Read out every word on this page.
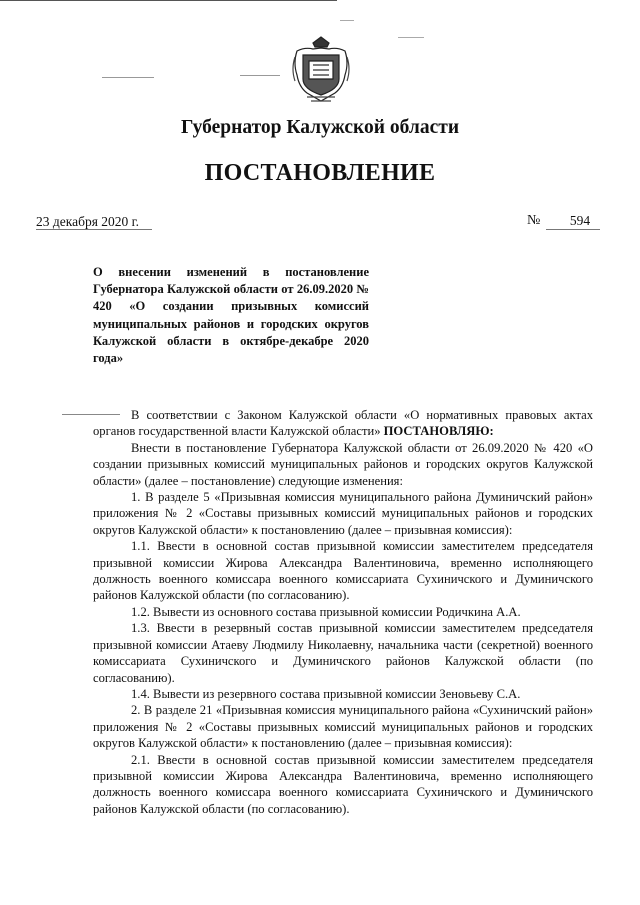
Губернатор Калужской области
ПОСТАНОВЛЕНИЕ
23 декабря 2020 г.	№	594
О внесении изменений в постановление Губернатора Калужской области от 26.09.2020 № 420 «О создании призывных комиссий муниципальных районов и городских округов Калужской области в октябре-декабре 2020 года»

В соответствии с Законом Калужской области «О нормативных правовых актах органов государственной власти Калужской области» ПОСТАНОВЛЯЮ:

Внести в постановление Губернатора Калужской области от 26.09.2020 № 420 «О создании призывных комиссий муниципальных районов и городских округов Калужской области» (далее – постановление) следующие изменения:

1. В разделе 5 «Призывная комиссия муниципального района Думиничский район» приложения № 2 «Составы призывных комиссий муниципальных районов и городских округов Калужской области» к постановлению (далее – призывная комиссия):

1.1. Ввести в основной состав призывной комиссии заместителем председателя призывной комиссии Жирова Александра Валентиновича, временно исполняющего должность военного комиссара военного комиссариата Сухиничского и Думиничского районов Калужской области (по согласованию).

1.2. Вывести из основного состава призывной комиссии Родичкина А.А.

1.3. Ввести в резервный состав призывной комиссии заместителем председателя призывной комиссии Атаеву Людмилу Николаевну, начальника части (секретной) военного комиссариата Сухиничского и Думиничского районов Калужской области (по согласованию).

1.4. Вывести из резервного состава призывной комиссии Зеновьеву С.А.

2. В разделе 21 «Призывная комиссия муниципального района «Сухиничский район» приложения № 2 «Составы призывных комиссий муниципальных районов и городских округов Калужской области» к постановлению (далее – призывная комиссия):

2.1. Ввести в основной состав призывной комиссии заместителем председателя призывной комиссии Жирова Александра Валентиновича, временно исполняющего должность военного комиссара военного комиссариата Сухиничского и Думиничского районов Калужской области (по согласованию).
